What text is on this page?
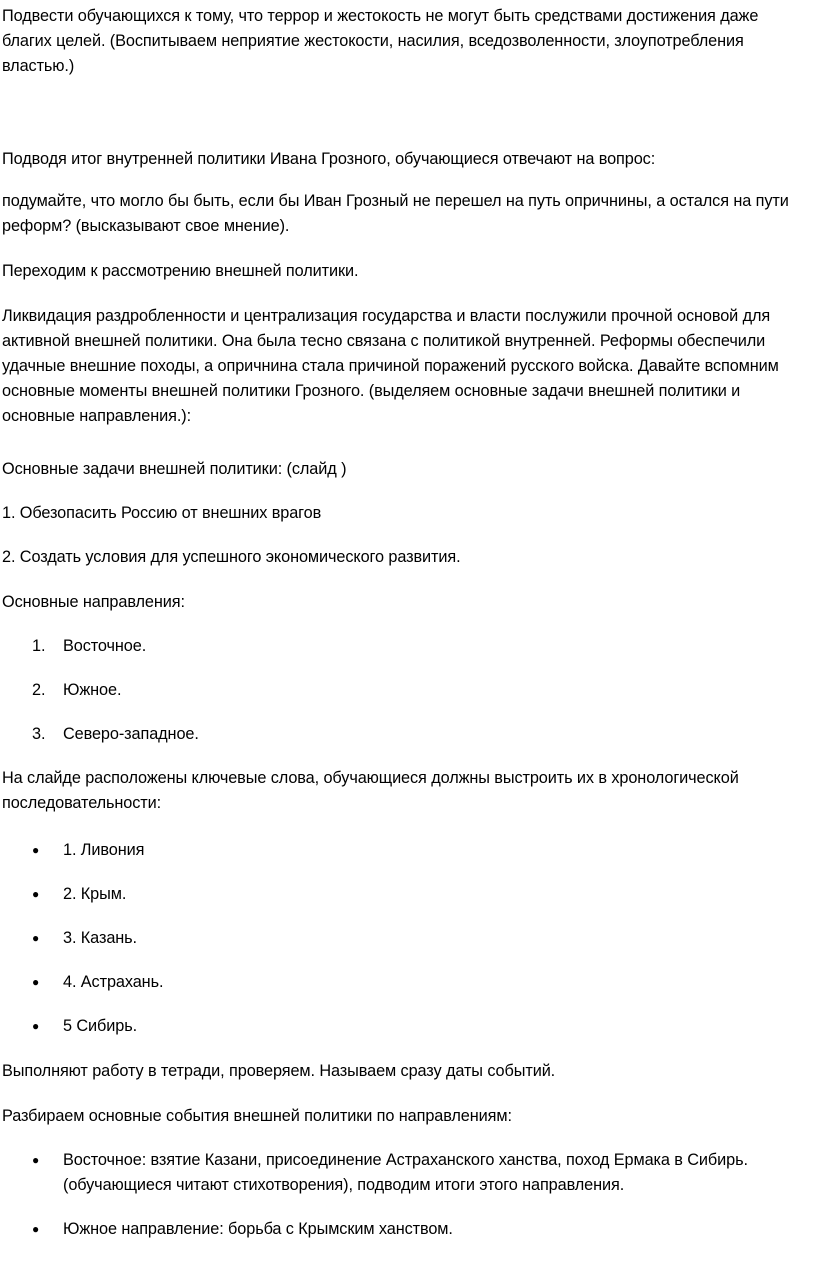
Подвести обучающихся к тому, что террор и жестокость не могут быть средствами достижения даже благих целей. (Воспитываем неприятие жестокости, насилия, вседозволенности, злоупотребления властью.)

Подводя итог внутренней политики Ивана Грозного, обучающиеся отвечают на вопрос:

подумайте, что могло бы быть, если бы Иван Грозный не перешел на путь опричнины, а остался на пути реформ? (высказывают свое мнение).

Переходим к рассмотрению внешней политики.

Ликвидация раздробленности и централизация государства и власти послужили прочной основой для активной внешней политики. Она была тесно связана с политикой внутренней. Реформы обеспечили удачные внешние походы, а опричнина стала причиной поражений русского войска. Давайте вспомним основные моменты внешней политики Грозного. (выделяем основные задачи внешней политики и основные направления.):

Основные задачи внешней политики: (слайд )

1. Обезопасить Россию от внешних врагов

2. Создать условия для успешного экономического развития.

Основные направления:

1. Восточное.
2. Южное.
3. Северо-западное.

На слайде расположены ключевые слова, обучающиеся должны выстроить их в хронологической последовательности:

● 1. Ливония
● 2. Крым.
● 3. Казань.
● 4. Астрахань.
● 5 Сибирь.

Выполняют работу в тетради, проверяем. Называем сразу даты событий.

Разбираем основные события внешней политики по направлениям:

● Восточное: взятие Казани, присоединение Астраханского ханства, поход Ермака в Сибирь. (обучающиеся читают стихотворения), подводим итоги этого направления.
● Южное направление: борьба с Крымским ханством.
